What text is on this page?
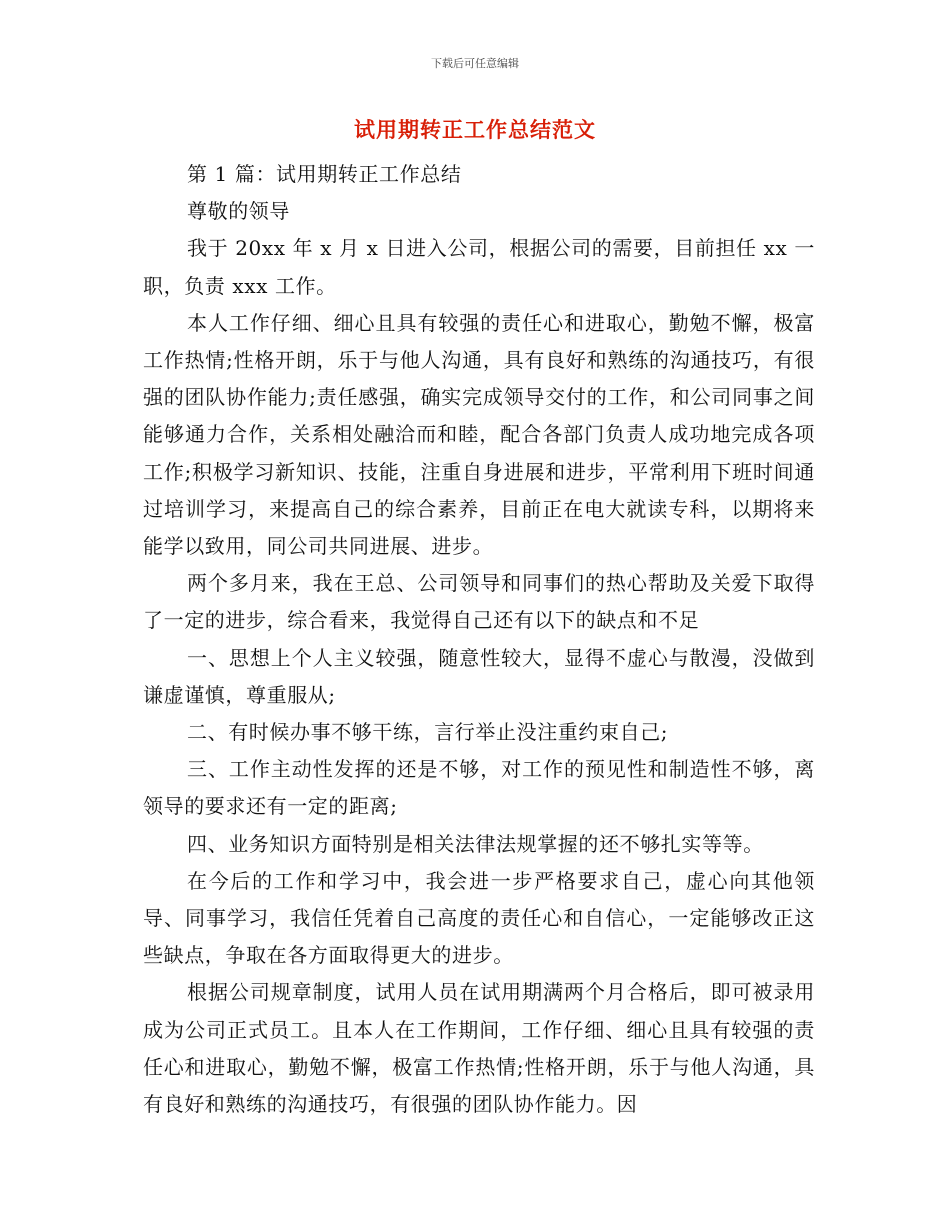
下载后可任意编辑
试用期转正工作总结范文

第 1 篇：试用期转正工作总结

尊敬的领导

我于 20xx 年 x 月 x 日进入公司，根据公司的需要，目前担任 xx 一职，负责 xxx 工作。

本人工作仔细、细心且具有较强的责任心和进取心，勤勉不懈，极富工作热情;性格开朗，乐于与他人沟通，具有良好和熟练的沟通技巧，有很强的团队协作能力;责任感强，确实完成领导交付的工作，和公司同事之间能够通力合作，关系相处融洽而和睦，配合各部门负责人成功地完成各项工作;积极学习新知识、技能，注重自身进展和进步，平常利用下班时间通过培训学习，来提高自己的综合素养，目前正在电大就读专科，以期将来能学以致用，同公司共同进展、进步。

两个多月来，我在王总、公司领导和同事们的热心帮助及关爱下取得了一定的进步，综合看来，我觉得自己还有以下的缺点和不足

一、思想上个人主义较强，随意性较大，显得不虚心与散漫，没做到谦虚谨慎，尊重服从;

二、有时候办事不够干练，言行举止没注重约束自己;

三、工作主动性发挥的还是不够，对工作的预见性和制造性不够，离领导的要求还有一定的距离;

四、业务知识方面特别是相关法律法规掌握的还不够扎实等等。

在今后的工作和学习中，我会进一步严格要求自己，虚心向其他领导、同事学习，我信任凭着自己高度的责任心和自信心，一定能够改正这些缺点，争取在各方面取得更大的进步。

根据公司规章制度，试用人员在试用期满两个月合格后，即可被录用成为公司正式员工。且本人在工作期间，工作仔细、细心且具有较强的责任心和进取心，勤勉不懈，极富工作热情;性格开朗，乐于与他人沟通，具有良好和熟练的沟通技巧，有很强的团队协作能力。因
